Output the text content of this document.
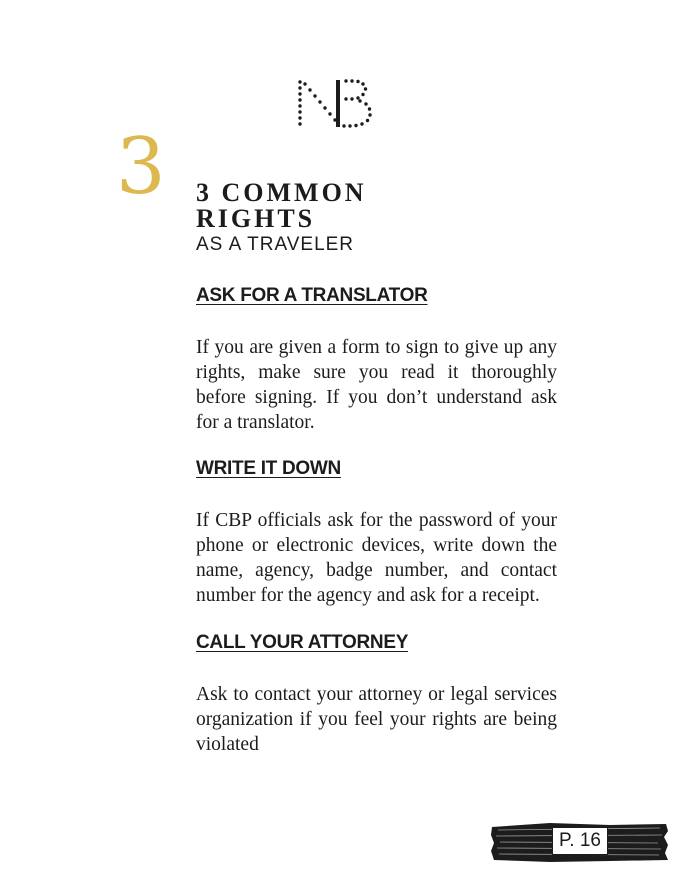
3 3 COMMON RIGHTS
AS A TRAVELER
ASK FOR A TRANSLATOR

If you are given a form to sign to give up any rights, make sure you read it thoroughly before signing. If you don’t understand ask for a translator.

WRITE IT DOWN

If CBP officials ask for the password of your phone or electronic devices, write down the name, agency, badge number, and contact number for the agency and ask for a receipt.

CALL YOUR ATTORNEY

Ask to contact your attorney or legal services organization if you feel your rights are being violated

P. 16
